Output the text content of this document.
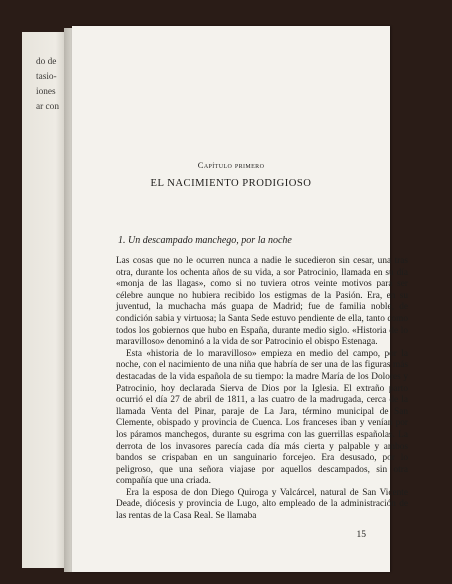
do de
tasio-
iones
ar con
Capítulo primero
EL NACIMIENTO PRODIGIOSO
1. Un descampado manchego, por la noche

Las cosas que no le ocurren nunca a nadie le sucedieron sin cesar, una tras otra, durante los ochenta años de su vida, a sor Patrocinio, llamada en su día «monja de las llagas», como si no tuviera otros veinte motivos para ser célebre aunque no hubiera recibido los estigmas de la Pasión. Era, en su juventud, la muchacha más guapa de Madrid; fue de familia noble, de condición sabia y virtuosa; la Santa Sede estuvo pendiente de ella, tanto como todos los gobiernos que hubo en España, durante medio siglo. «Historia de lo maravilloso» denominó a la vida de sor Patrocinio el obispo Estenaga.

Esta «historia de lo maravilloso» empieza en medio del campo, por la noche, con el nacimiento de una niña que habría de ser una de las figuras más destacadas de la vida española de su tiempo: la madre María de los Dolores y Patrocinio, hoy declarada Sierva de Dios por la Iglesia. El extraño parto ocurrió el día 27 de abril de 1811, a las cuatro de la madrugada, cerca de la llamada Venta del Pinar, paraje de La Jara, término municipal de San Clemente, obispado y provincia de Cuenca. Los franceses iban y venían por los páramos manchegos, durante su esgrima con las guerrillas españolas. La derrota de los invasores parecía cada día más cierta y palpable y ambos bandos se crispaban en un sanguinario forcejeo. Era desusado, por lo peligroso, que una señora viajase por aquellos descampados, sin otra compañía que una criada.

Era la esposa de don Diego Quiroga y Valcárcel, natural de San Vicente Deade, diócesis y provincia de Lugo, alto empleado de la administración de las rentas de la Casa Real. Se llamaba

15
